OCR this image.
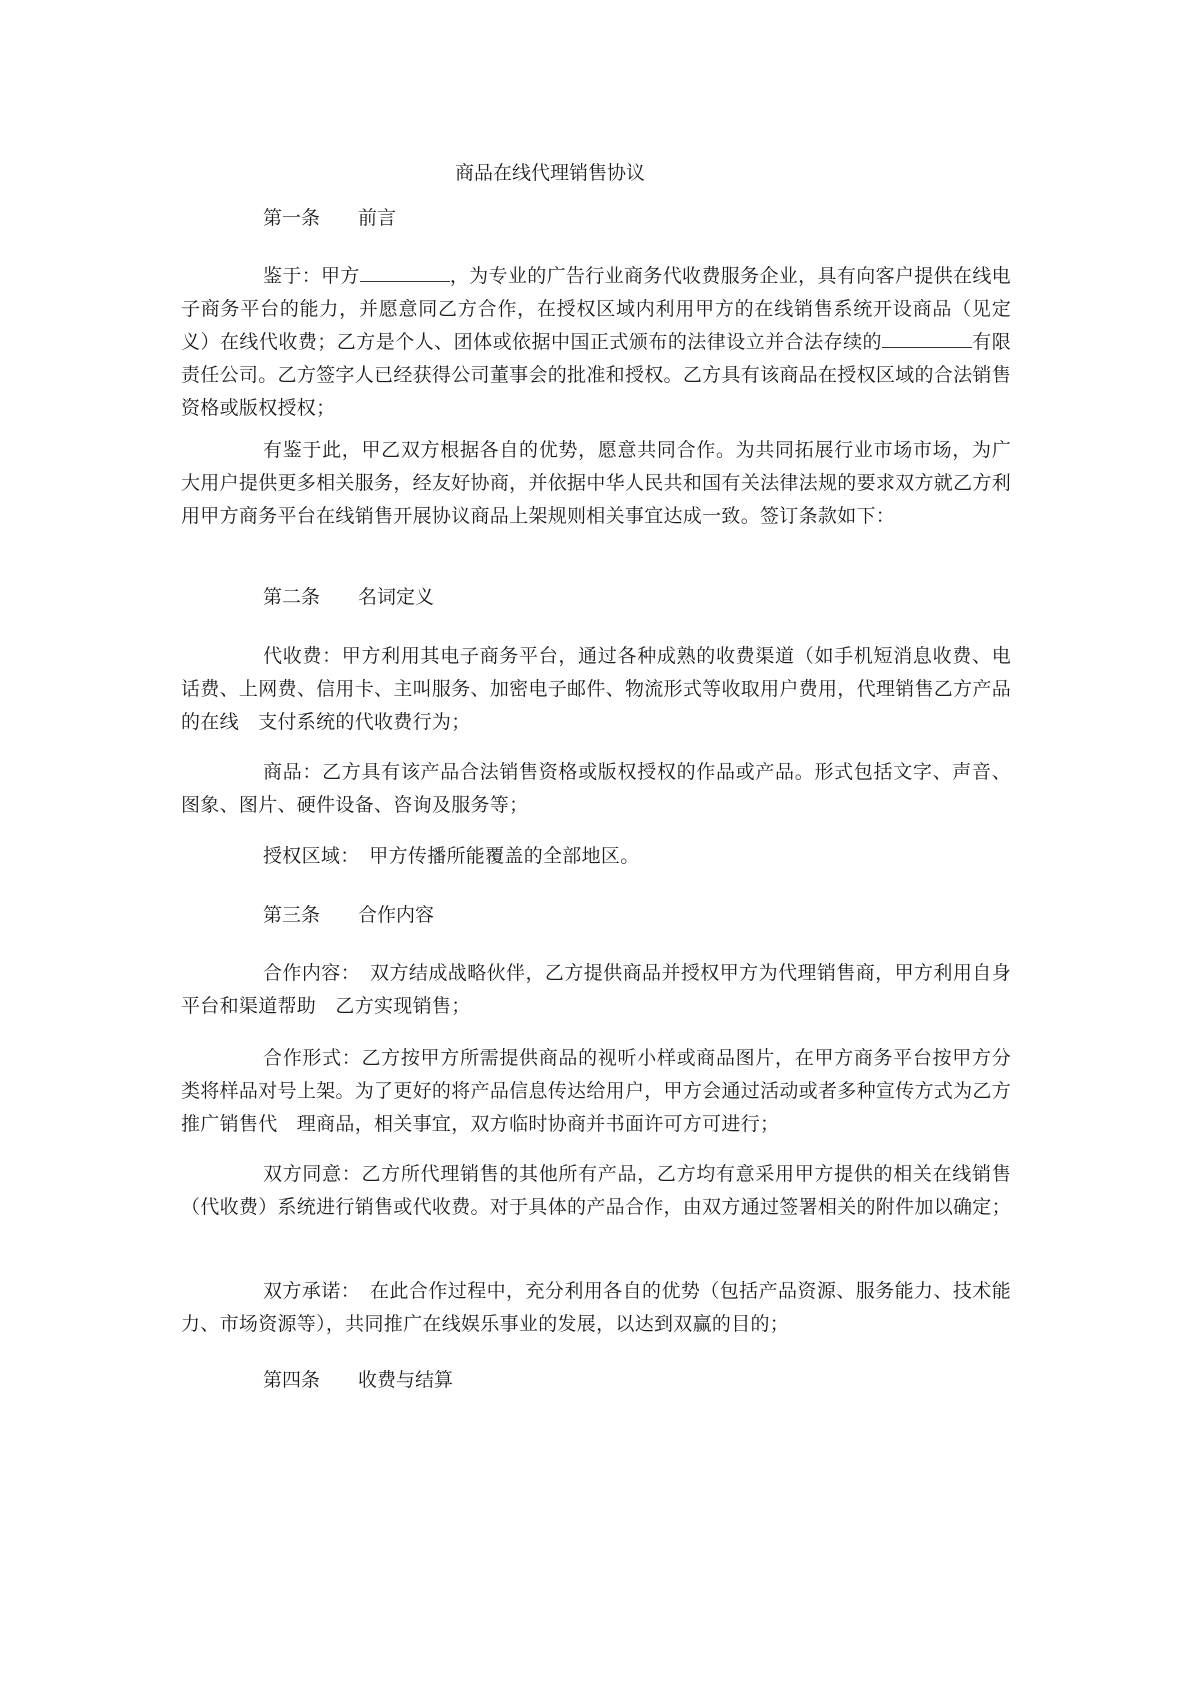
商品在线代理销售协议
第一条　　前言
鉴于：甲方	，为专业的广告行业商务代收费服务企业，具有向客户提供在线电子商务平台的能力，并愿意同乙方合作，在授权区域内利用甲方的在线销售系统开设商品（见定义）在线代收费；乙方是个人、团体或依据中国正式颁布的法律设立并合法存续的	有限责任公司。乙方签字人已经获得公司董事会的批准和授权。乙方具有该商品在授权区域的合法销售资格或版权授权；
有鉴于此，甲乙双方根据各自的优势，愿意共同合作。为共同拓展行业市场市场，为广大用户提供更多相关服务，经友好协商，并依据中华人民共和国有关法律法规的要求双方就乙方利用甲方商务平台在线销售开展协议商品上架规则相关事宜达成一致。签订条款如下：
第二条　　名词定义
代收费：甲方利用其电子商务平台，通过各种成熟的收费渠道（如手机短消息收费、电话费、上网费、信用卡、主叫服务、加密电子邮件、物流形式等收取用户费用，代理销售乙方产品的在线　支付系统的代收费行为；
商品：乙方具有该产品合法销售资格或版权授权的作品或产品。形式包括文字、声音、图象、图片、硬件设备、咨询及服务等；
授权区域：　甲方传播所能覆盖的全部地区。
第三条　　合作内容
合作内容：　双方结成战略伙伴，乙方提供商品并授权甲方为代理销售商，甲方利用自身平台和渠道帮助　乙方实现销售；
合作形式：乙方按甲方所需提供商品的视听小样或商品图片，在甲方商务平台按甲方分类将样品对号上架。为了更好的将产品信息传达给用户，甲方会通过活动或者多种宣传方式为乙方推广销售代　理商品，相关事宜，双方临时协商并书面许可方可进行；
双方同意：乙方所代理销售的其他所有产品，乙方均有意采用甲方提供的相关在线销售（代收费）系统进行销售或代收费。对于具体的产品合作，由双方通过签署相关的附件加以确定；
双方承诺：　在此合作过程中，充分利用各自的优势（包括产品资源、服务能力、技术能力、市场资源等），共同推广在线娱乐事业的发展，以达到双赢的目的；
第四条　　收费与结算
